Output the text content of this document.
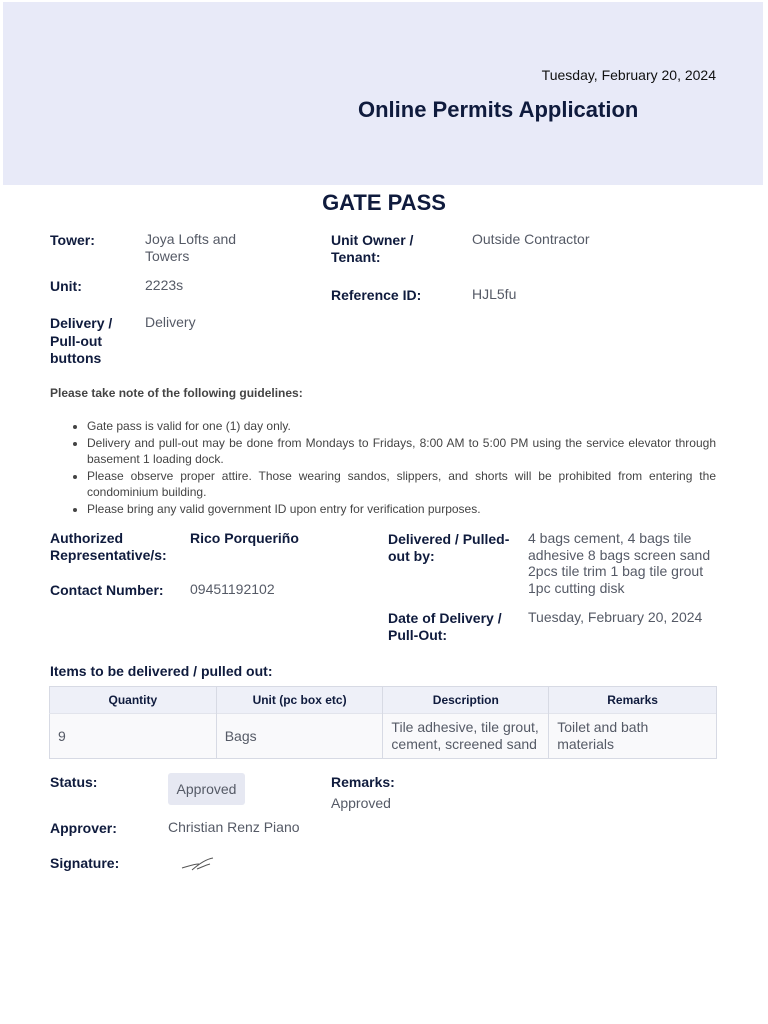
Tuesday, February 20, 2024
Online Permits Application
GATE PASS
Tower:	Joya Lofts and Towers
Unit Owner / Tenant:
Outside Contractor
Unit:	2223s
Reference ID:	HJL5fu
Delivery / Pull-out buttons
Delivery
Please take note of the following guidelines:
• Gate pass is valid for one (1) day only.
• Delivery and pull-out may be done from Mondays to Fridays, 8:00 AM to 5:00 PM using the service elevator through basement 1 loading dock.
• Please observe proper attire. Those wearing sandos, slippers, and shorts will be prohibited from entering the condominium building.
• Please bring any valid government ID upon entry for verification purposes.
Authorized Representative/s:
Rico Porqueriño
Contact Number: 09451192102
Delivered / Pulled-out by:
4 bags cement, 4 bags tile adhesive 8 bags screen sand 2pcs tile trim 1 bag tile grout 1pc cutting disk
Date of Delivery / Pull-Out:
Tuesday, February 20, 2024
Items to be delivered / pulled out:
Quantity	Unit (pc box etc)	Description	Remarks
9	Bags	Tile adhesive, tile grout, cement, screened sand	Toilet and bath materials
Status:	Approved	Remarks:
Approved
Approver:	Christian Renz Piano
Signature:
